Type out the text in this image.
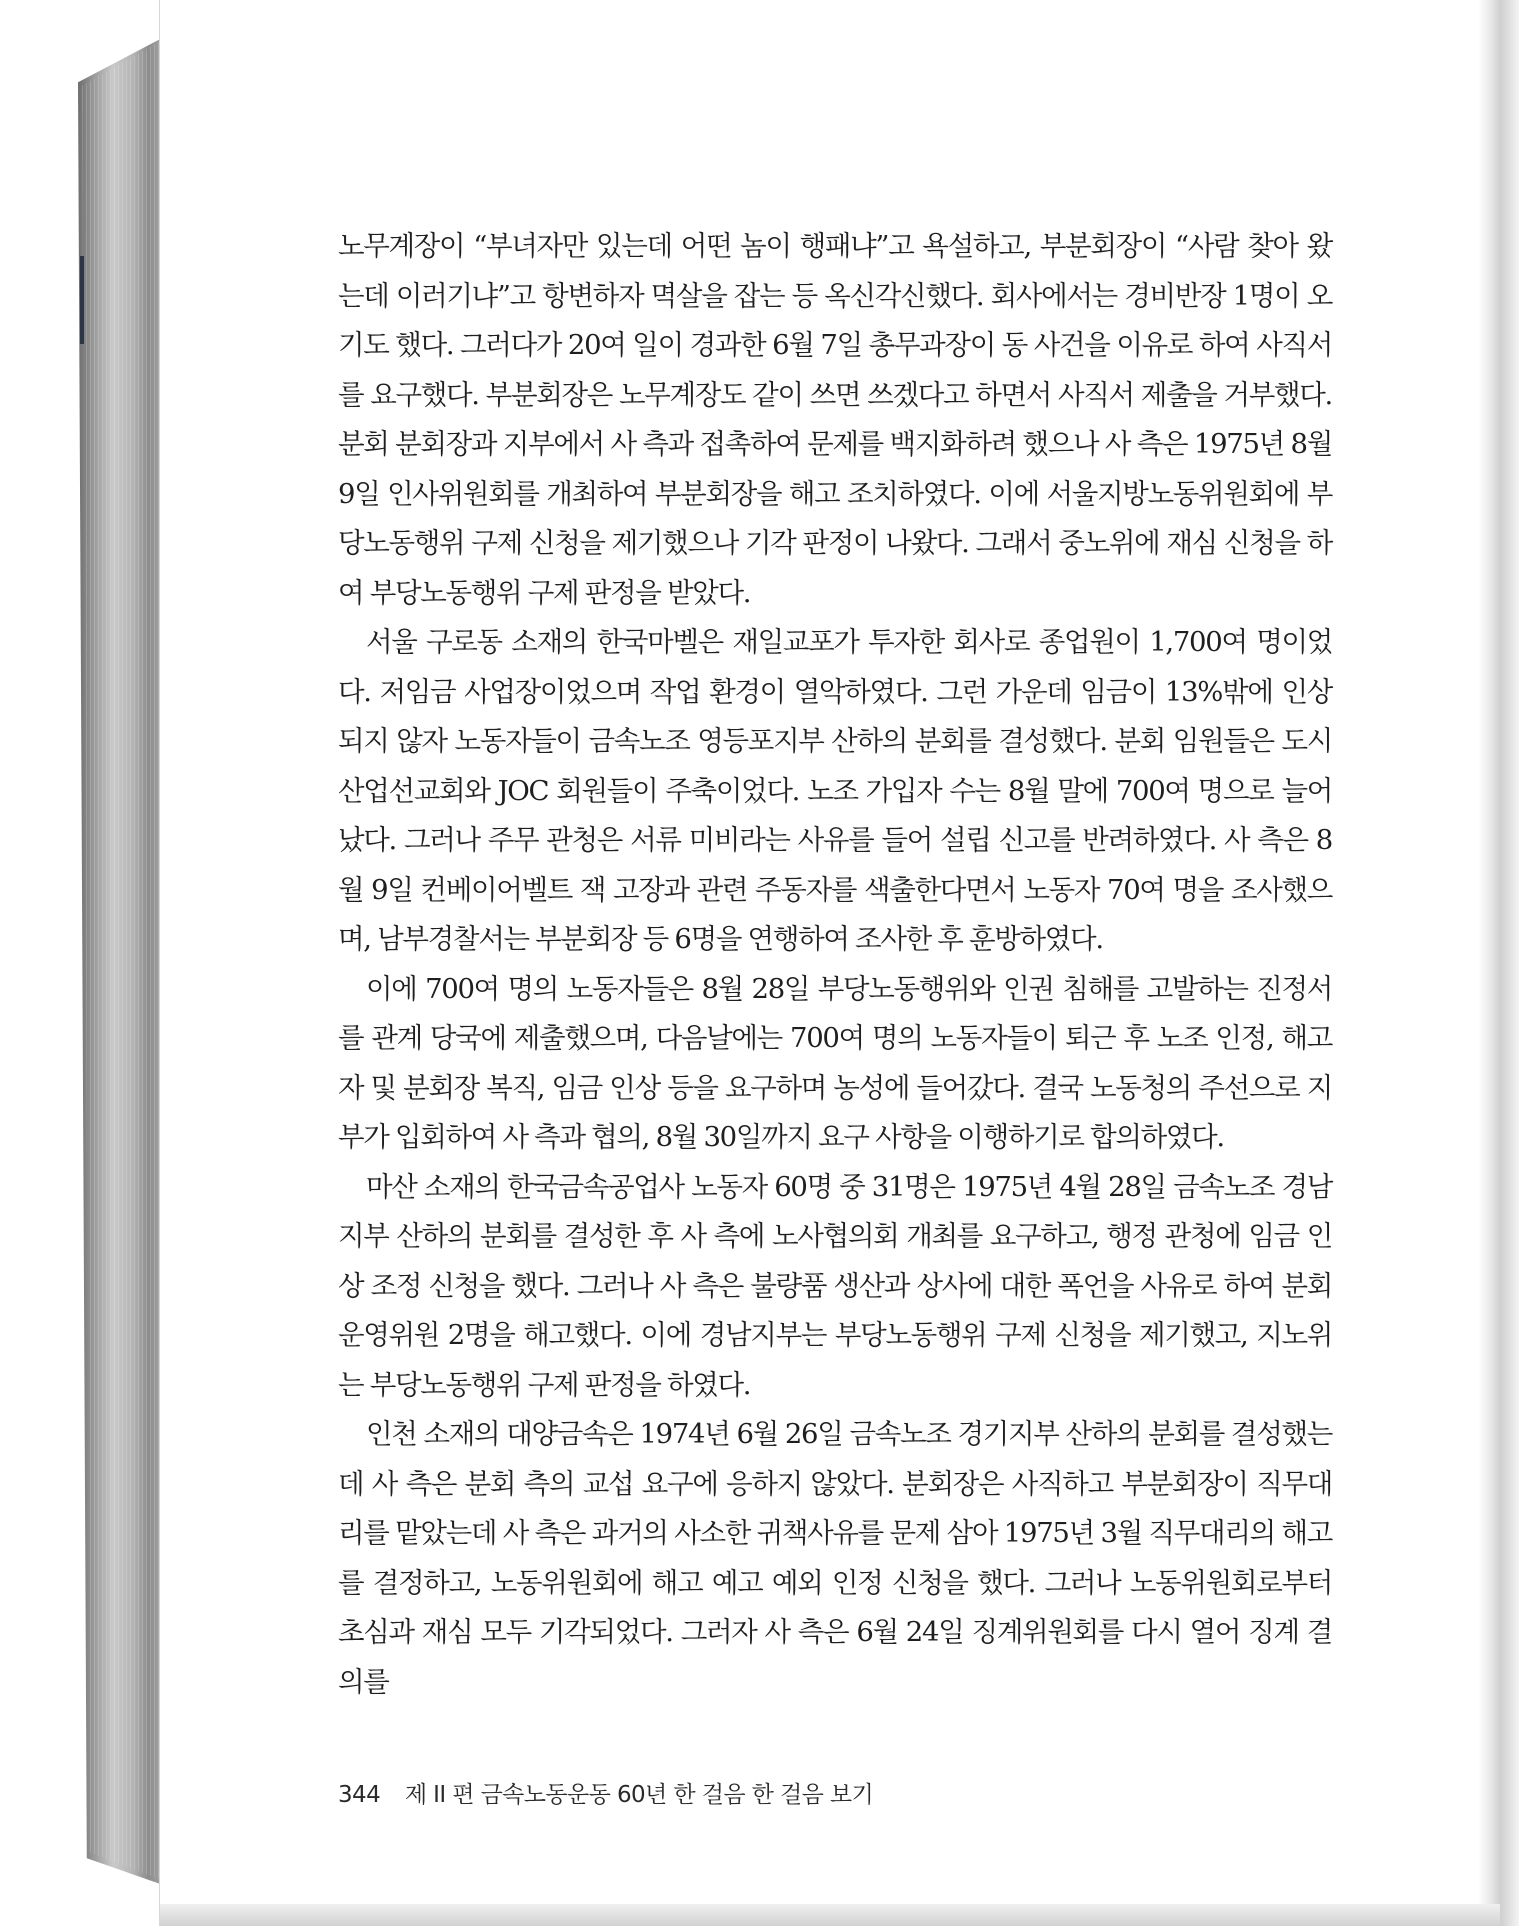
노무계장이 “부녀자만 있는데 어떤 놈이 행패냐”고 욕설하고, 부분회장이 “사람 찾아 왔는데 이러기냐”고 항변하자 멱살을 잡는 등 옥신각신했다. 회사에서는 경비반장 1명이 오기도 했다. 그러다가 20여 일이 경과한 6월 7일 총무과장이 동 사건을 이유로 하여 사직서를 요구했다. 부분회장은 노무계장도 같이 쓰면 쓰겠다고 하면서 사직서 제출을 거부했다. 분회 분회장과 지부에서 사 측과 접촉하여 문제를 백지화하려 했으나 사 측은 1975년 8월 9일 인사위원회를 개최하여 부분회장을 해고 조치하였다. 이에 서울지방노동위원회에 부당노동행위 구제 신청을 제기했으나 기각 판정이 나왔다. 그래서 중노위에 재심 신청을 하여 부당노동행위 구제 판정을 받았다.

서울 구로동 소재의 한국마벨은 재일교포가 투자한 회사로 종업원이 1,700여 명이었다. 저임금 사업장이었으며 작업 환경이 열악하였다. 그런 가운데 임금이 13%밖에 인상되지 않자 노동자들이 금속노조 영등포지부 산하의 분회를 결성했다. 분회 임원들은 도시산업선교회와 JOC 회원들이 주축이었다. 노조 가입자 수는 8월 말에 700여 명으로 늘어났다. 그러나 주무 관청은 서류 미비라는 사유를 들어 설립 신고를 반려하였다. 사 측은 8월 9일 컨베이어벨트 잭 고장과 관련 주동자를 색출한다면서 노동자 70여 명을 조사했으며, 남부경찰서는 부분회장 등 6명을 연행하여 조사한 후 훈방하였다.

이에 700여 명의 노동자들은 8월 28일 부당노동행위와 인권 침해를 고발하는 진정서를 관계 당국에 제출했으며, 다음날에는 700여 명의 노동자들이 퇴근 후 노조 인정, 해고자 및 분회장 복직, 임금 인상 등을 요구하며 농성에 들어갔다. 결국 노동청의 주선으로 지부가 입회하여 사 측과 협의, 8월 30일까지 요구 사항을 이행하기로 합의하였다.

마산 소재의 한국금속공업사 노동자 60명 중 31명은 1975년 4월 28일 금속노조 경남지부 산하의 분회를 결성한 후 사 측에 노사협의회 개최를 요구하고, 행정 관청에 임금 인상 조정 신청을 했다. 그러나 사 측은 불량품 생산과 상사에 대한 폭언을 사유로 하여 분회 운영위원 2명을 해고했다. 이에 경남지부는 부당노동행위 구제 신청을 제기했고, 지노위는 부당노동행위 구제 판정을 하였다.

인천 소재의 대양금속은 1974년 6월 26일 금속노조 경기지부 산하의 분회를 결성했는데 사 측은 분회 측의 교섭 요구에 응하지 않았다. 분회장은 사직하고 부분회장이 직무대리를 맡았는데 사 측은 과거의 사소한 귀책사유를 문제 삼아 1975년 3월 직무대리의 해고를 결정하고, 노동위원회에 해고 예고 예외 인정 신청을 했다. 그러나 노동위원회로부터 초심과 재심 모두 기각되었다. 그러자 사 측은 6월 24일 징계위원회를 다시 열어 징계 결의를

344 제 II 편 금속노동운동 60년 한 걸음 한 걸음 보기
